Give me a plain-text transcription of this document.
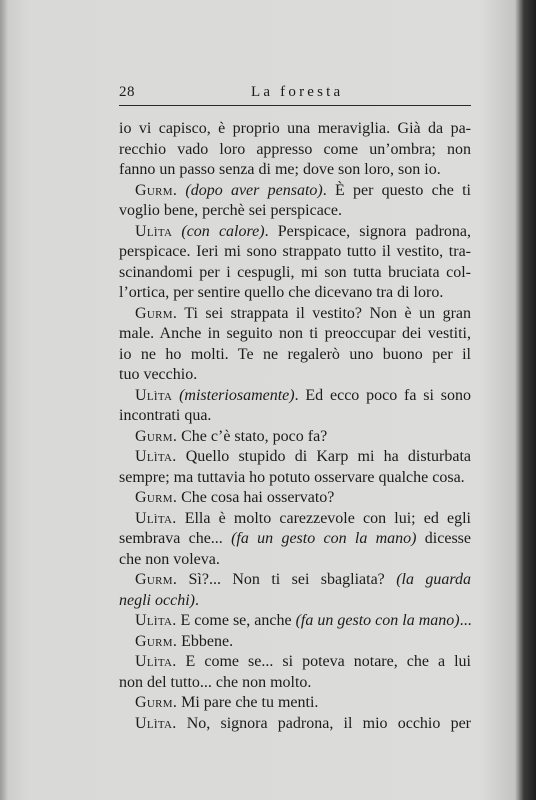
28	La foresta
io vi capisco, è proprio una meraviglia. Già da pa-
recchio vado loro appresso come un’ombra; non
fanno un passo senza di me; dove son loro, son io.
Gurm. (dopo aver pensato). È per questo che ti
voglio bene, perchè sei perspicace.
Ulìta (con calore). Perspicace, signora padrona,
perspicace. Ieri mi sono strappato tutto il vestito, tra-
scinandomi per i cespugli, mi son tutta bruciata col-
l’ortica, per sentire quello che dicevano tra di loro.
Gurm. Ti sei strappata il vestito? Non è un gran
male. Anche in seguito non ti preoccupar dei vestiti,
io ne ho molti. Te ne regalerò uno buono per il
tuo vecchio.
Ulìta (misteriosamente). Ed ecco poco fa si sono
incontrati qua.
Gurm. Che c’è stato, poco fa?
Ulìta. Quello stupido di Karp mi ha disturbata
sempre; ma tuttavia ho potuto osservare qualche cosa.
Gurm. Che cosa hai osservato?
Ulìta. Ella è molto carezzevole con lui; ed egli
sembrava che... (fa un gesto con la mano) dicesse
che non voleva.
Gurm. Sì?... Non ti sei sbagliata? (la guarda
negli occhi).
Ulìta. E come se, anche (fa un gesto con la mano)...
Gurm. Ebbene.
Ulìta. E come se... si poteva notare, che a lui
non del tutto... che non molto.
Gurm. Mi pare che tu menti.
Ulìta. No, signora padrona, il mio occhio per
